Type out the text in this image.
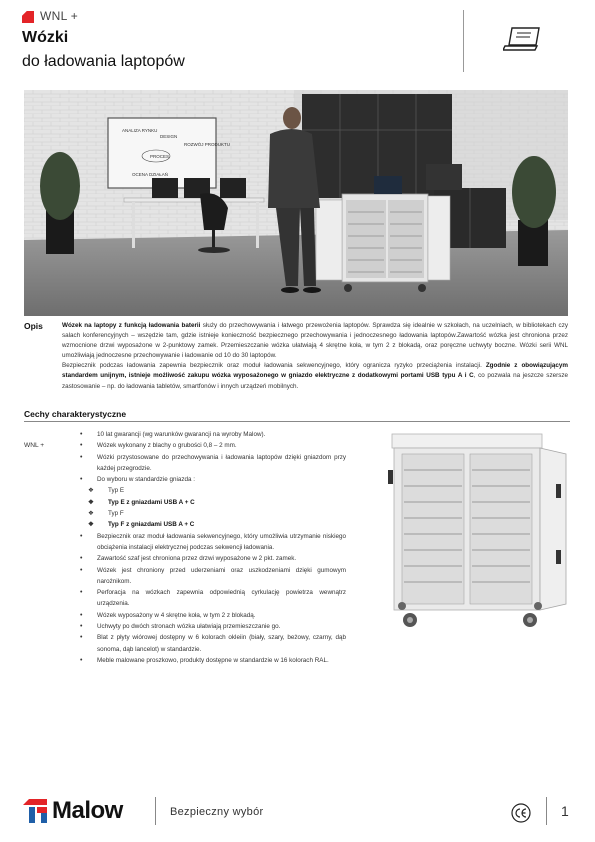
WNL +
Wózki
do ładowania laptopów
ANALIZA RYNKU
DESIGN
ROZWÓJ PRODUKTU
PROCES
OCENA DZIAŁAŃ
Opis	Wózek na laptopy z funkcją ładowania baterii służy do przechowywania i łatwego przewożenia laptopów. Sprawdza się idealnie w szkołach, na uczelniach, w bibliotekach czy salach konferencyjnych – wszędzie tam, gdzie istnieje konieczność bezpiecznego przechowywania i jednoczesnego ładowania laptopów.Zawartość wózka jest chroniona przez wzmocnione drzwi wyposażone w 2-punktowy zamek. Przemieszczanie wózka ułatwiają 4 skrętne koła, w tym 2 z blokadą, oraz poręczne uchwyty boczne. Wózki serii WNL umożliwiają jednoczesne przechowywanie i ładowanie od 10 do 30 laptopów.

Bezpiecznik podczas ładowania zapewnia bezpiecznik oraz moduł ładowania sekwencyjnego, który ogranicza ryzyko przeciążenia instalacji. Zgodnie z obowiązującym standardem unijnym, istnieje możliwość zakupu wózka wyposażonego w gniazdo elektryczne z dodatkowymi portami USB typu A i C, co pozwala na jeszcze szersze zastosowanie – np. do ładowania tabletów, smartfonów i innych urządzeń mobilnych.

Cechy charakterystyczne
WNL +
• 10 lat gwarancji (wg warunków gwarancji na wyroby Malow).
• Wózek wykonany z blachy o grubości 0,8 – 2 mm.
• Wózki przystosowane do przechowywania i ładowania laptopów dzięki gniazdom przy każdej przegrodzie.
• Do wyboru w standardzie gniazda :
❖ Typ E
❖ Typ E z gniazdami USB A + C
❖ Typ F
❖ Typ F z gniazdami USB A + C
• Bezpiecznik oraz moduł ładowania sekwencyjnego, który umożliwia utrzymanie niskiego obciążenia instalacji elektrycznej podczas sekwencji ładowania.
• Zawartość szaf jest chroniona przez drzwi wyposażone w 2 pkt. zamek.
• Wózek jest chroniony przed uderzeniami oraz uszkodzeniami dzięki gumowym narożnikom.
• Perforacja na wózkach zapewnia odpowiednią cyrkulację powietrza wewnątrz urządzenia.
• Wózek wyposażony w 4 skrętne koła, w tym 2 z blokadą.
• Uchwyty po dwóch stronach wózka ułatwiają przemieszczanie go.
• Blat z płyty wiórowej dostępny w 6 kolorach okleiin (biały, szary, beżowy, czarny, dąb sonoma, dąb lancelot) w standardzie.
• Meble malowane proszkowo, produkty dostępne w standardzie w 16 kolorach RAL.
Malow	Bezpieczny wybór	1
